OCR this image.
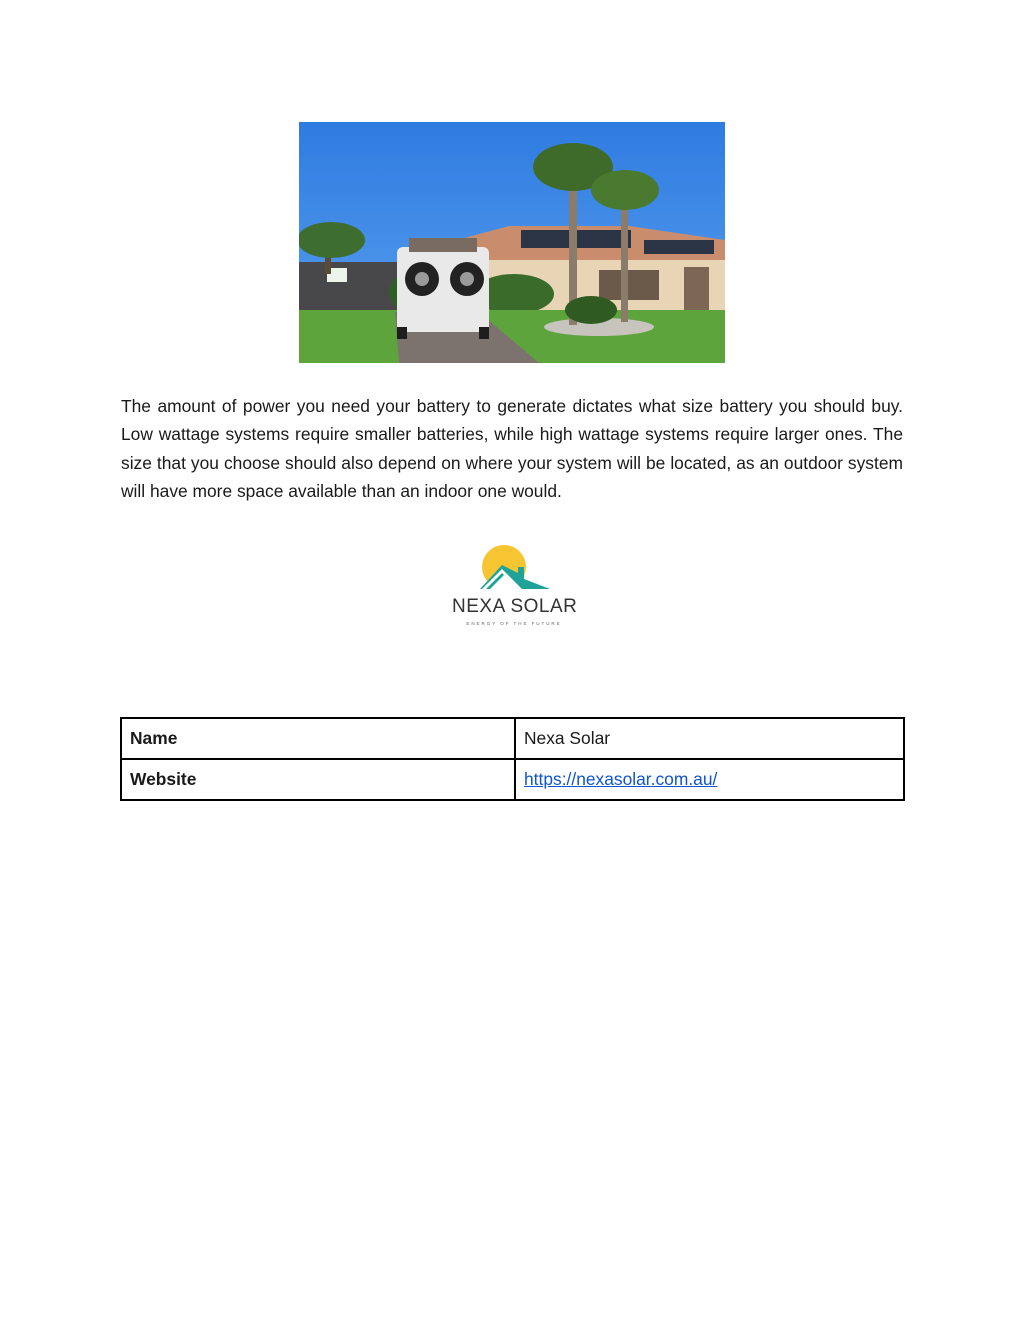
The amount of power you need your battery to generate dictates what size battery you should buy. Low wattage systems require smaller batteries, while high wattage systems require larger ones. The size that you choose should also depend on where your system will be located, as an outdoor system will have more space available than an indoor one would.

NEXA SOLAR
ENERGY OF THE FUTURE
Name	Nexa Solar
Website	https://nexasolar.com.au/
